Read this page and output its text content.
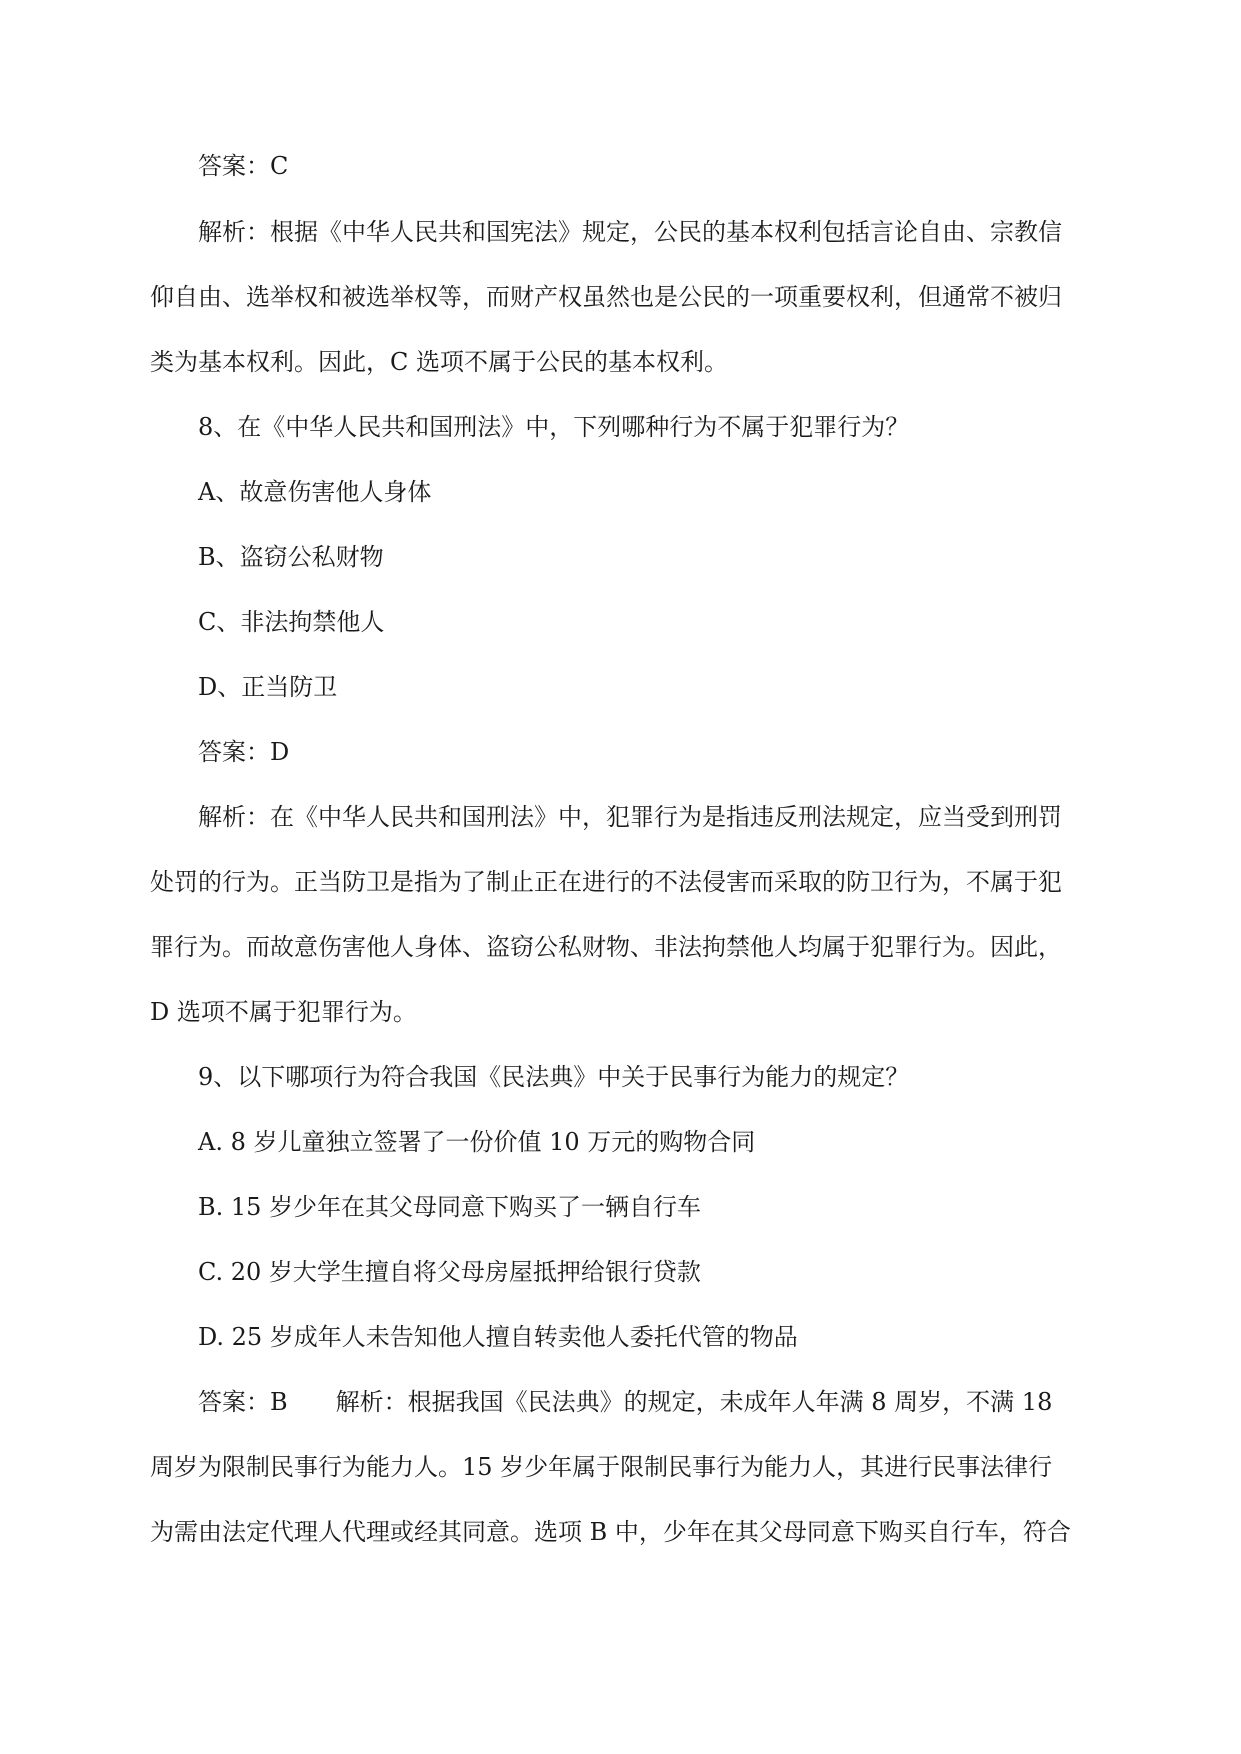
答案：C
解析：根据《中华人民共和国宪法》规定，公民的基本权利包括言论自由、宗教信
仰自由、选举权和被选举权等，而财产权虽然也是公民的一项重要权利，但通常不被归
类为基本权利。因此，C 选项不属于公民的基本权利。
8、在《中华人民共和国刑法》中，下列哪种行为不属于犯罪行为？
A、故意伤害他人身体
B、盗窃公私财物
C、非法拘禁他人
D、正当防卫
答案：D
解析：在《中华人民共和国刑法》中，犯罪行为是指违反刑法规定，应当受到刑罚
处罚的行为。正当防卫是指为了制止正在进行的不法侵害而采取的防卫行为，不属于犯
罪行为。而故意伤害他人身体、盗窃公私财物、非法拘禁他人均属于犯罪行为。因此，
D 选项不属于犯罪行为。
9、以下哪项行为符合我国《民法典》中关于民事行为能力的规定？
A. 8 岁儿童独立签署了一份价值 10 万元的购物合同
B. 15 岁少年在其父母同意下购买了一辆自行车
C. 20 岁大学生擅自将父母房屋抵押给银行贷款
D. 25 岁成年人未告知他人擅自转卖他人委托代管的物品
答案：B 解析：根据我国《民法典》的规定，未成年人年满 8 周岁，不满 18
周岁为限制民事行为能力人。15 岁少年属于限制民事行为能力人，其进行民事法律行
为需由法定代理人代理或经其同意。选项 B 中，少年在其父母同意下购买自行车，符合
